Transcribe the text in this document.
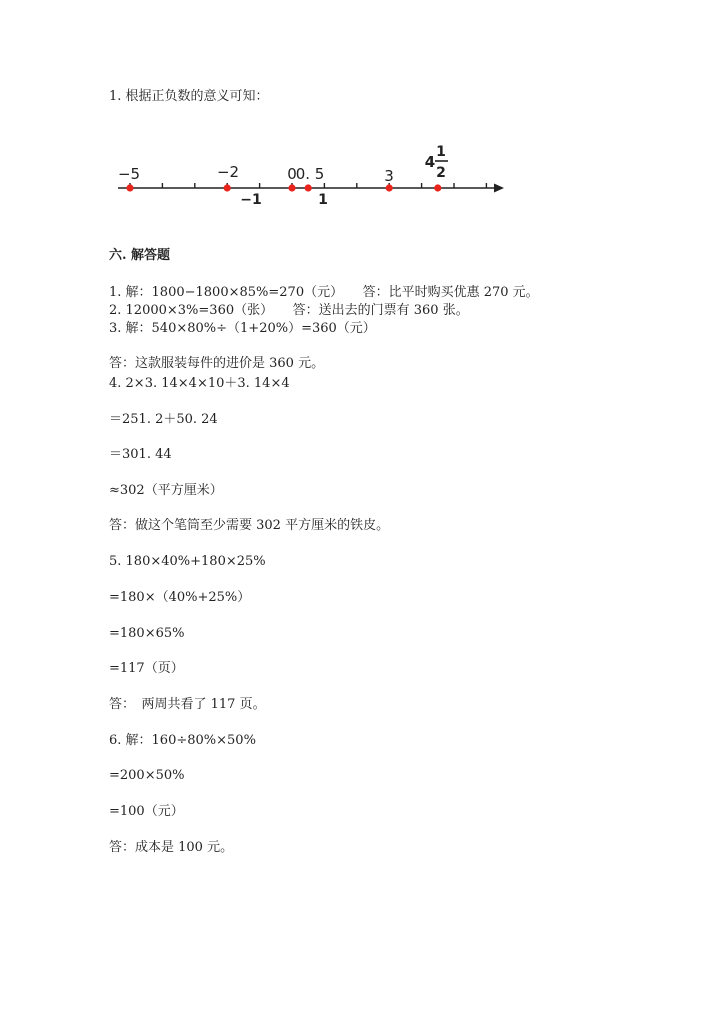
1. 根据正负数的意义可知：
−5	−2	0
0. 5	3
−1	1
4
1
2
六. 解答题
1. 解：1800−1800×85%=270（元）　　答：比平时购买优惠 270 元。
2. 12000×3%=360（张）　　答：送出去的门票有 360 张。
3. 解：540×80%÷（1+20%）=360（元）
答：这款服装每件的进价是 360 元。
4. 2×3. 14×4×10＋3. 14×4
＝251. 2＋50. 24
＝301. 44
≈302（平方厘米）
答：做这个笔筒至少需要 302 平方厘米的铁皮。
5. 180×40%+180×25%
=180×（40%+25%）
=180×65%
=117（页）
答：　两周共看了 117 页。
6. 解：160÷80%×50%
=200×50%
=100（元）
答：成本是 100 元。
